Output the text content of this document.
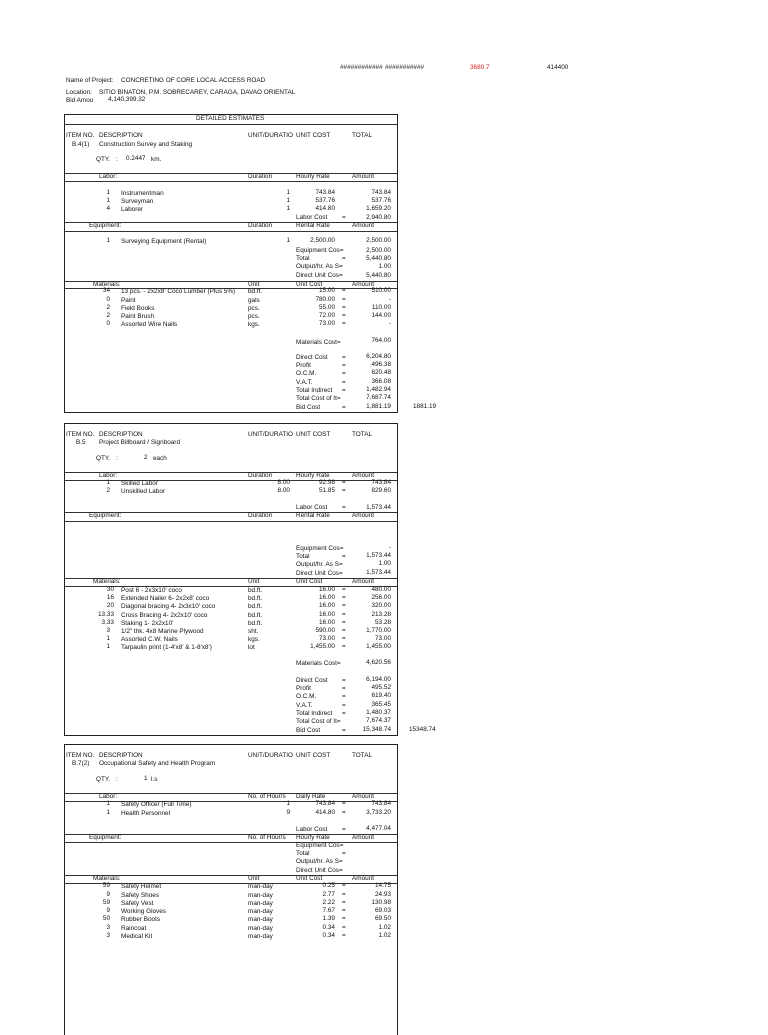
############ ###########	3680.7	414400
Name of Project: CONCRETING OF CORE LOCAL ACCESS ROAD
Location: SITIO BINATON, P.M. SOBRECAREY, CARAGA, DAVAO ORIENTAL
Bid Amou 4,140,399.32
DETAILED ESTIMATES
ITEM NO. DESCRIPTION	UNIT/DURATIO UNIT COST	TOTAL
B.4(1) Construction Survey and Staking
QTY. : 0.2447 km.
Labor:	Duration	Hourly Rate	Amount
1 Instrumentman	1	743.84	743.84
1 Surveyman	1	537.76	537.76
4 Laborer	1	414.80	1,659.20
Labor Cost =	2,940.80
Equipment:	Duration	Rental Rate	Amount
1 Surveying Equipment (Rental)	1	2,500.00	2,500.00
Equipment Cos=	2,500.00
Total	=	5,440.80
Output/hr. As S=	1.00
Direct Unit Cos=	5,440.80
Materials:	Unit	Unit Cost	Amount
34 13 pcs. - 2x2x8' Coco Lumber (Plus 5%) bd.ft.	15.00 =	510.00
0 Paint	gals	780.00 =	-
2 Field Books	pcs.	55.00 =	110.00
2 Paint Brush	pcs.	72.00 =	144.00
0 Assorted Wire Nails	kgs.	73.00 =	-
Materials Cost=	764.00
Direct Cost =	6,204.80
Profit	=	496.38
O.C.M.	=	620.48
V.A.T.	=	366.08
Total Indirect =	1,482.94
Total Cost of It=	7,687.74
Bid Cost	=	1,881.19	1881.19
ITEM NO. DESCRIPTION	UNIT/DURATIO UNIT COST	TOTAL
B.5 Project Billboard / Signboard
QTY. :	2 each
Labor:	Duration	Hourly Rate	Amount
1 Skilled Labor	8.00	92.98 =	743.84
2 Unskilled Labor	8.00	51.85 =	829.60
Labor Cost =	1,573.44
Equipment:	Duration	Rental Rate	Amount
Equipment Cos=	-
Total	=	1,573.44
Output/hr. As S=	1.00
Direct Unit Cos=	1,573.44
Materials:	Unit	Unit Cost	Amount
30 Post 6 - 2x3x10' coco	bd.ft.	16.00 =	480.00
16 Extended Nailer 6- 2x2x8' coco	bd.ft.	16.00 =	256.00
20 Diagonal bracing 4- 2x3x10' coco	bd.ft.	16.00 =	320.00
13.33 Cross Bracing 4- 2x2x10' coco	bd.ft.	16.00 =	213.28
3.33 Staking 1- 2x2x10'	bd.ft.	16.00 =	53.28
3 1/2" thk. 4x8 Marine Plywood	sht.	590.00 =	1,770.00
1 Assorted C.W. Nails	kgs.	73.00 =	73.00
1 Tarpaulin print (1-4'x8' & 1-8'x8')	lot	1,455.00 =	1,455.00
Materials Cost=	4,620.56
Direct Cost =	6,194.00
Profit	=	495.52
O.C.M.	=	619.40
V.A.T.	=	365.45
Total Indirect =	1,480.37
Total Cost of It=	7,674.37
Bid Cost	=	15,348.74	15348.74
ITEM NO. DESCRIPTION	UNIT/DURATIO UNIT COST	TOTAL
B.7(2) Occupational Safety and Health Program
QTY. :	1 l.s
Labor:	No. of Hour/s Daily Rate	Amount
1 Safety Officer (Full Time)	1	743.84 =	743.84
1 Health Personnel	9	414.80 =	3,733.20
Labor Cost =	4,477.04
Equipment:	No. of Hour/s Hourly Rate	Amount
Equipment Cos=
Total	=
Output/hr. As S=
Direct Unit Cos=
Materials:	Unit	Unit Cost	Amount
59 Safety Helmet	man-day	0.25 =	14.75
9 Safety Shoes	man-day	2.77 =	24.93
59 Safety Vest	man-day	2.22 =	130.98
9 Working Gloves	man-day	7.67 =	69.03
50 Rubber Boots	man-day	1.39 =	69.50
3 Raincoat	man-day	0.34 =	1.02
3 Medical Kit	man-day	0.34 =	1.02
